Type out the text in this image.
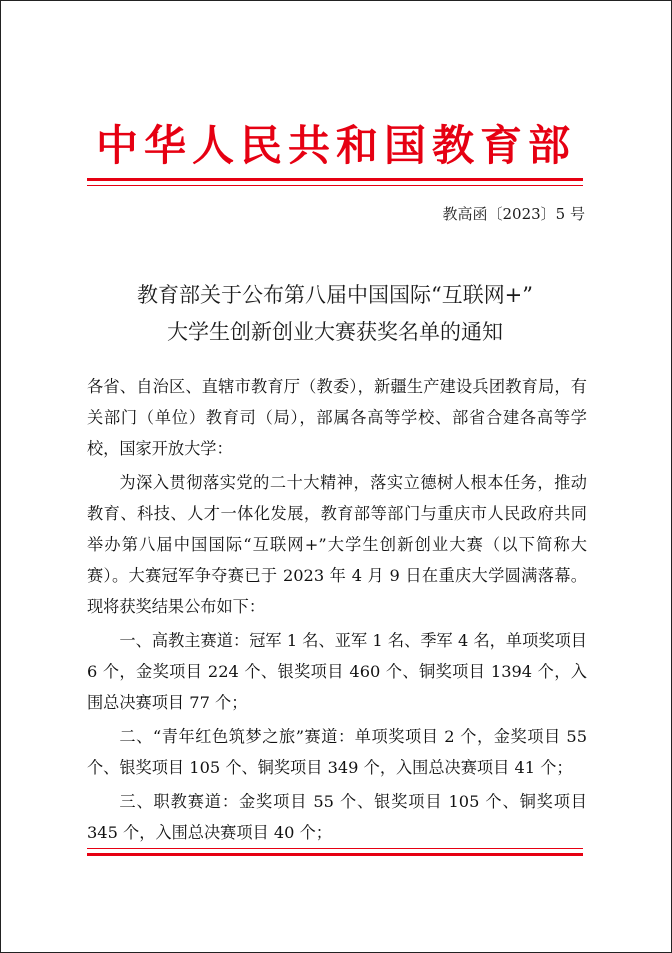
中华人民共和国教育部
教高函〔2023〕5 号
教育部关于公布第八届中国国际“互联网+”
大学生创新创业大赛获奖名单的通知

各省、自治区、直辖市教育厅（教委），新疆生产建设兵团教育局，有关部门（单位）教育司（局），部属各高等学校、部省合建各高等学校，国家开放大学：

为深入贯彻落实党的二十大精神，落实立德树人根本任务，推动教育、科技、人才一体化发展，教育部等部门与重庆市人民政府共同举办第八届中国国际“互联网+”大学生创新创业大赛（以下简称大赛）。大赛冠军争夺赛已于 2023 年 4 月 9 日在重庆大学圆满落幕。现将获奖结果公布如下：

一、高教主赛道：冠军 1 名、亚军 1 名、季军 4 名，单项奖项目 6 个，金奖项目 224 个、银奖项目 460 个、铜奖项目 1394 个，入围总决赛项目 77 个；

二、“青年红色筑梦之旅”赛道：单项奖项目 2 个，金奖项目 55 个、银奖项目 105 个、铜奖项目 349 个，入围总决赛项目 41 个；

三、职教赛道：金奖项目 55 个、银奖项目 105 个、铜奖项目 345 个，入围总决赛项目 40 个；
